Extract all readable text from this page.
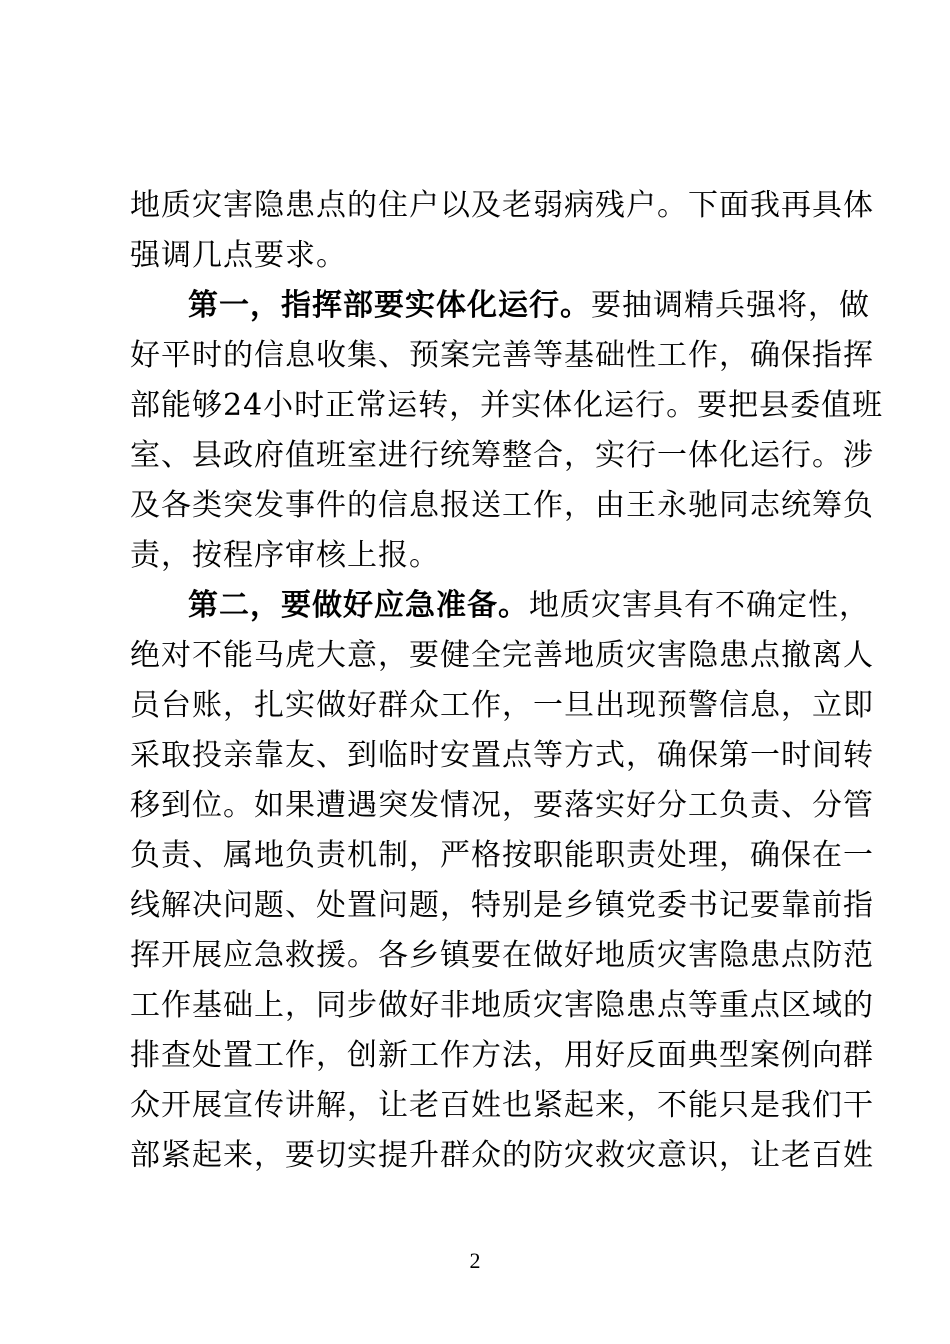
地质灾害隐患点的住户以及老弱病残户。下面我再具体
强调几点要求。
第一，指挥部要实体化运行。要抽调精兵强将，做
好平时的信息收集、预案完善等基础性工作，确保指挥
部能够24小时正常运转，并实体化运行。要把县委值班
室、县政府值班室进行统筹整合，实行一体化运行。涉
及各类突发事件的信息报送工作，由王永驰同志统筹负
责，按程序审核上报。
第二，要做好应急准备。地质灾害具有不确定性，
绝对不能马虎大意，要健全完善地质灾害隐患点撤离人
员台账，扎实做好群众工作，一旦出现预警信息，立即
采取投亲靠友、到临时安置点等方式，确保第一时间转
移到位。如果遭遇突发情况，要落实好分工负责、分管
负责、属地负责机制，严格按职能职责处理，确保在一
线解决问题、处置问题，特别是乡镇党委书记要靠前指
挥开展应急救援。各乡镇要在做好地质灾害隐患点防范
工作基础上，同步做好非地质灾害隐患点等重点区域的
排查处置工作，创新工作方法，用好反面典型案例向群
众开展宣传讲解，让老百姓也紧起来，不能只是我们干
部紧起来，要切实提升群众的防灾救灾意识，让老百姓
2
